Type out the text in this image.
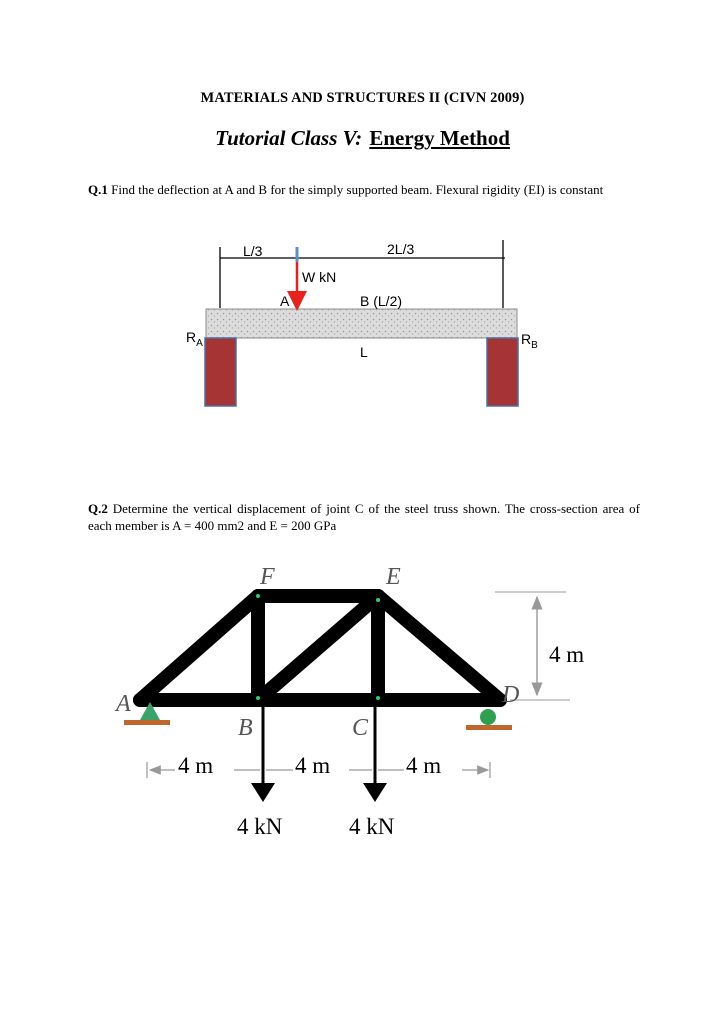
MATERIALS AND STRUCTURES II (CIVN 2009)
Tutorial Class V: Energy Method
Q.1 Find the deflection at A and B for the simply supported beam. Flexural rigidity (EI) is constant
L/3	2L/3
W kN
A	B (L/2)
L
$R_A$	$R_B$
Q.2 Determine the vertical displacement of joint C of the steel truss shown. The cross-section area of each member is A = 400 mm2 and E = 200 GPa
4 m
4 m	4 m	4 m
4 kN	4 kN
A
B	C
D
E
F
